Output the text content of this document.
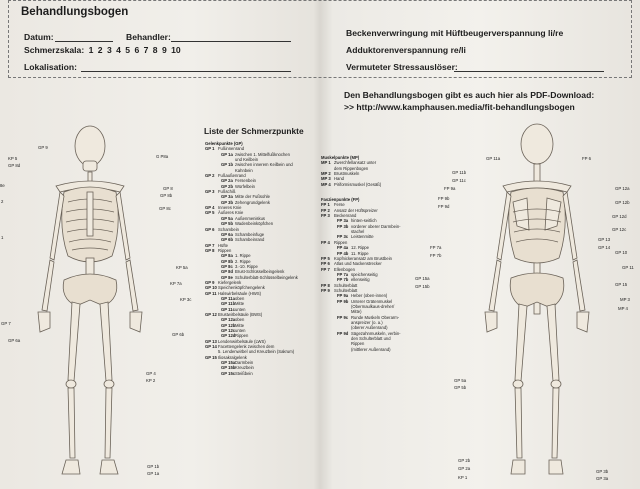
Behandlungsbogen
Datum:	Behandler:
Schmerzskala: 1 2 3 4 5 6 7 8 9 10
Lokalisation:
Beckenverwringung mit Hüftbeugerverspannung li/re
Adduktorenverspannung re/li
Vermuteter Stressauslöser:
Den Behandlungsbogen gibt es auch hier als PDF-Download:
>> http://www.kamphausen.media/fit-behandlungsbogen
Liste der Schmerzpunkte
Gelenkpunkte (GP)
GP 1 Fußinnenrand
GP 1a zwischen 1. Mittelfußknochen
und Keilbein
GP 1b zwischen innerem Keilbein und
Kahnbein
GP 2 Fußaußenrand
GP 2a Fersenbein
GP 2b Würfelbein
GP 3 Fußschiß
GP 3a Mitte der Fußsohle
GP 3b Zehengrundgelenk
GP 4 Inneres Knie
GP 5 Äußeres Knie
GP 5a Außenmeniskus
GP 5b Wadenbeinköpfchen
GP 6 Schambein
GP 6a Schambeinfuge
GP 6b Schambeinrand
GP 7 Hüfte
GP 8 Rippen
GP 8a 1. Rippe
GP 8b 2. Rippe
GP 8c 3.-10. Rippe
GP 8d Brust-Schlüsselbeingelenk
GP 8e Schulterblatt-Schlüsselbeingelenk
GP 9 Kiefergelenk
GP 10Speichenköpfchengelenk
GP 11Halswirbelsäule (HWS)
GP 11aoben
GP 11bMitte
GP 11cunten
GP 12Brustwirbelsäule (BWS)
GP 12aoben
GP 12bMitte
GP 12cunten
GP 12dRippen
GP 13Lendenwirbelsäule (LWS)
GP 14Facettengelenk zwischen dem
5. Lendenwirbel und Kreuzbein (Sakrum)
GP 15Iliosakralgelenk
GP 15aDarmbein
GP 15bKreuzbein
GP 15cSteißbein
Muskelpunkte (MP)
MP 1 Zwerchfellansatz unter
dem Rippenbogen
MP 2 Brustmuskeln
MP 3 Hand
MP 4 Piriformismuskel (Gesäß)
Faszienpunkte (FP)
FP 1 Ferse
FP 2 Ansatz der Hüftspreizer
FP 3 Beckenrand
FP 3a hinten-seitlich
FP 3b vorderer oberer Darmbein-
stachel
FP 3c Leistenmitte
FP 4 Rippen
FP 4a 12. Rippe
FP 4b 11. Rippe
FP 5 Kopfnickeransatz am Brustbein
FP 6 Atlas und Nackenstrecker
FP 7 Ellenbogen
FP 7a speichenseitig
FP 7b ellenseitig
FP 8 Schulterblatt
FP 9 Schulterblatt
FP 9a Heber (oben-innen)
FP 9b Unterer Grätenmuskel
(Obermaulkaus-dreher/
Mitte)
FP 9c Runde Muskeln Oberarm-
anspreizer (o. a.)
(oberer Außenrand)
FP 9d Sägezahnmuskeln, verbin-
den Schulterblatt und
Rippen
(mittlerer Außenrand)
GP 9
KP 5
GP 8d
8e
2
1
GP 7
GP 6a
G P8a
GP 8
GP 8b
GP 8c
KP 5a
KP 7a
KP 3c
GP 6b
GP 4
KP 2
GP 1b
GP 1a
GP 11a
GP 11b
GP 11c
FP 9a
FP 9b
FP 9d
FP 7a
FP 7b
GP 15a
GP 15b
GP 5a
GP 5b
GP 2b
GP 2a
KP 1
FP 6
GP 12a
GP 12b
GP 12d
GP 12c
GP 13
GP 14
GP 10
GP 11
GP 15
MP 3
MP 4
GP 3b
GP 3a
